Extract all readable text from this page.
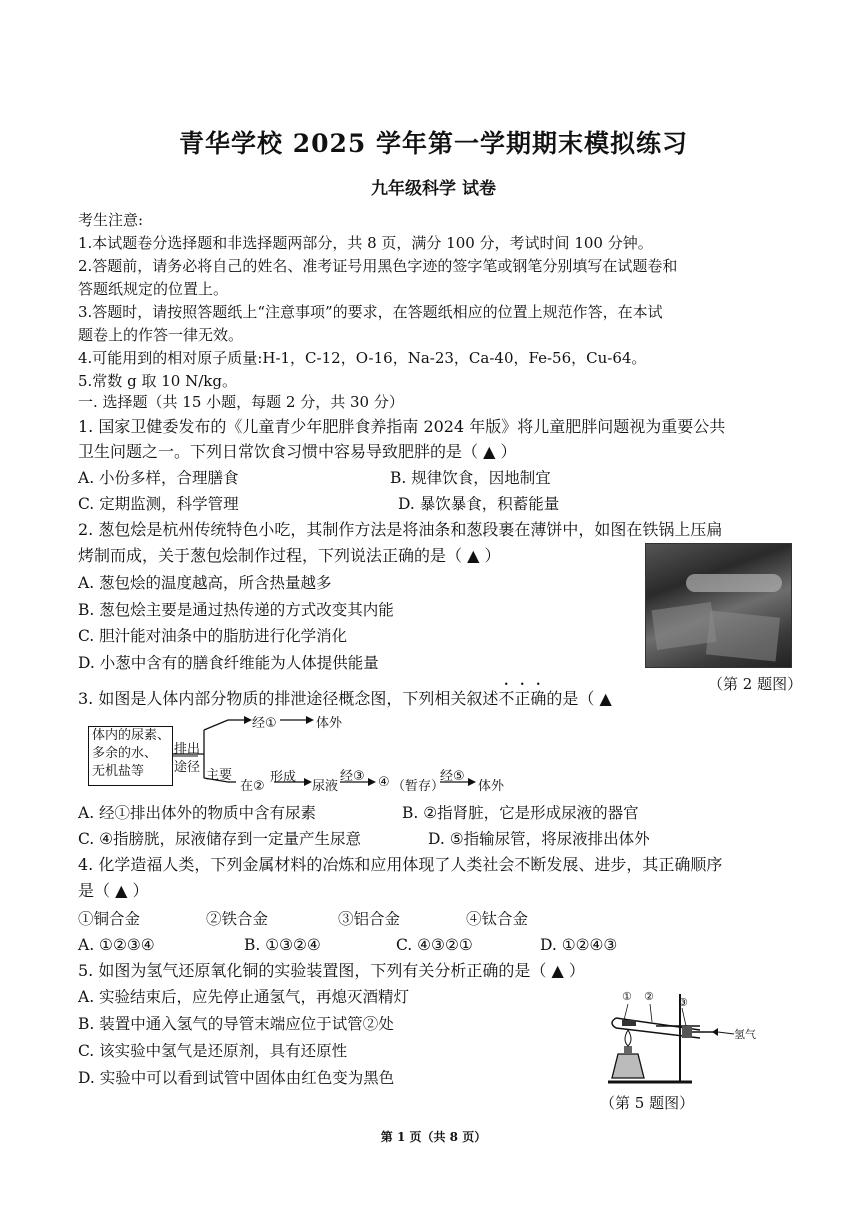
青华学校 2025 学年第一学期期末模拟练习
九年级科学 试卷
考生注意:
1.本试题卷分选择题和非选择题两部分，共 8 页，满分 100 分，考试时间 100 分钟。
2.答题前，请务必将自己的姓名、准考证号用黑色字迹的签字笔或钢笔分别填写在试题卷和
答题纸规定的位置上。
3.答题时，请按照答题纸上“注意事项”的要求，在答题纸相应的位置上规范作答，在本试
题卷上的作答一律无效。
4.可能用到的相对原子质量:H-1，C-12，O-16，Na-23，Ca-40，Fe-56，Cu-64。
5.常数 g 取 10 N/kg。
一. 选择题（共 15 小题，每题 2 分，共 30 分）
1. 国家卫健委发布的《儿童青少年肥胖食养指南 2024 年版》将儿童肥胖问题视为重要公共
卫生问题之一。下列日常饮食习惯中容易导致肥胖的是（ ▲ ）
A. 小份多样，合理膳食	B. 规律饮食，因地制宜
C. 定期监测，科学管理	D. 暴饮暴食，积蓄能量
2. 葱包烩是杭州传统特色小吃，其制作方法是将油条和葱段裹在薄饼中，如图在铁锅上压扁
烤制而成，关于葱包烩制作过程，下列说法正确的是（ ▲ ）
A. 葱包烩的温度越高，所含热量越多
B. 葱包烩主要是通过热传递的方式改变其内能
C. 胆汁能对油条中的脂肪进行化学消化
D. 小葱中含有的膳食纤维能为人体提供能量
（第 2 题图）
3. 如图是人体内部分物质的排泄途径概念图，下列相关叙述不正确的是（ ▲
体内的尿素、
多余的水、
无机盐等
排出
途径
经①	体外
主要
在②
形成
尿液
经③ ④ （暂存）
经⑤
体外
A. 经①排出体外的物质中含有尿素	B. ②指肾脏，它是形成尿液的器官
C. ④指膀胱，尿液储存到一定量产生尿意	D. ⑤指输尿管，将尿液排出体外
4. 化学造福人类，下列金属材料的冶炼和应用体现了人类社会不断发展、进步，其正确顺序
是（ ▲ ）
①铜合金	②铁合金	③铝合金	④钛合金
A. ①②③④	B. ①③②④	C. ④③②①	D. ①②④③
5. 如图为氢气还原氧化铜的实验装置图，下列有关分析正确的是（ ▲ ）
A. 实验结束后，应先停止通氢气，再熄灭酒精灯
B. 装置中通入氢气的导管末端应位于试管②处
C. 该实验中氢气是还原剂，具有还原性
D. 实验中可以看到试管中固体由红色变为黑色
① ② ③
氢气
（第 5 题图）
第 1 页（共 8 页）
